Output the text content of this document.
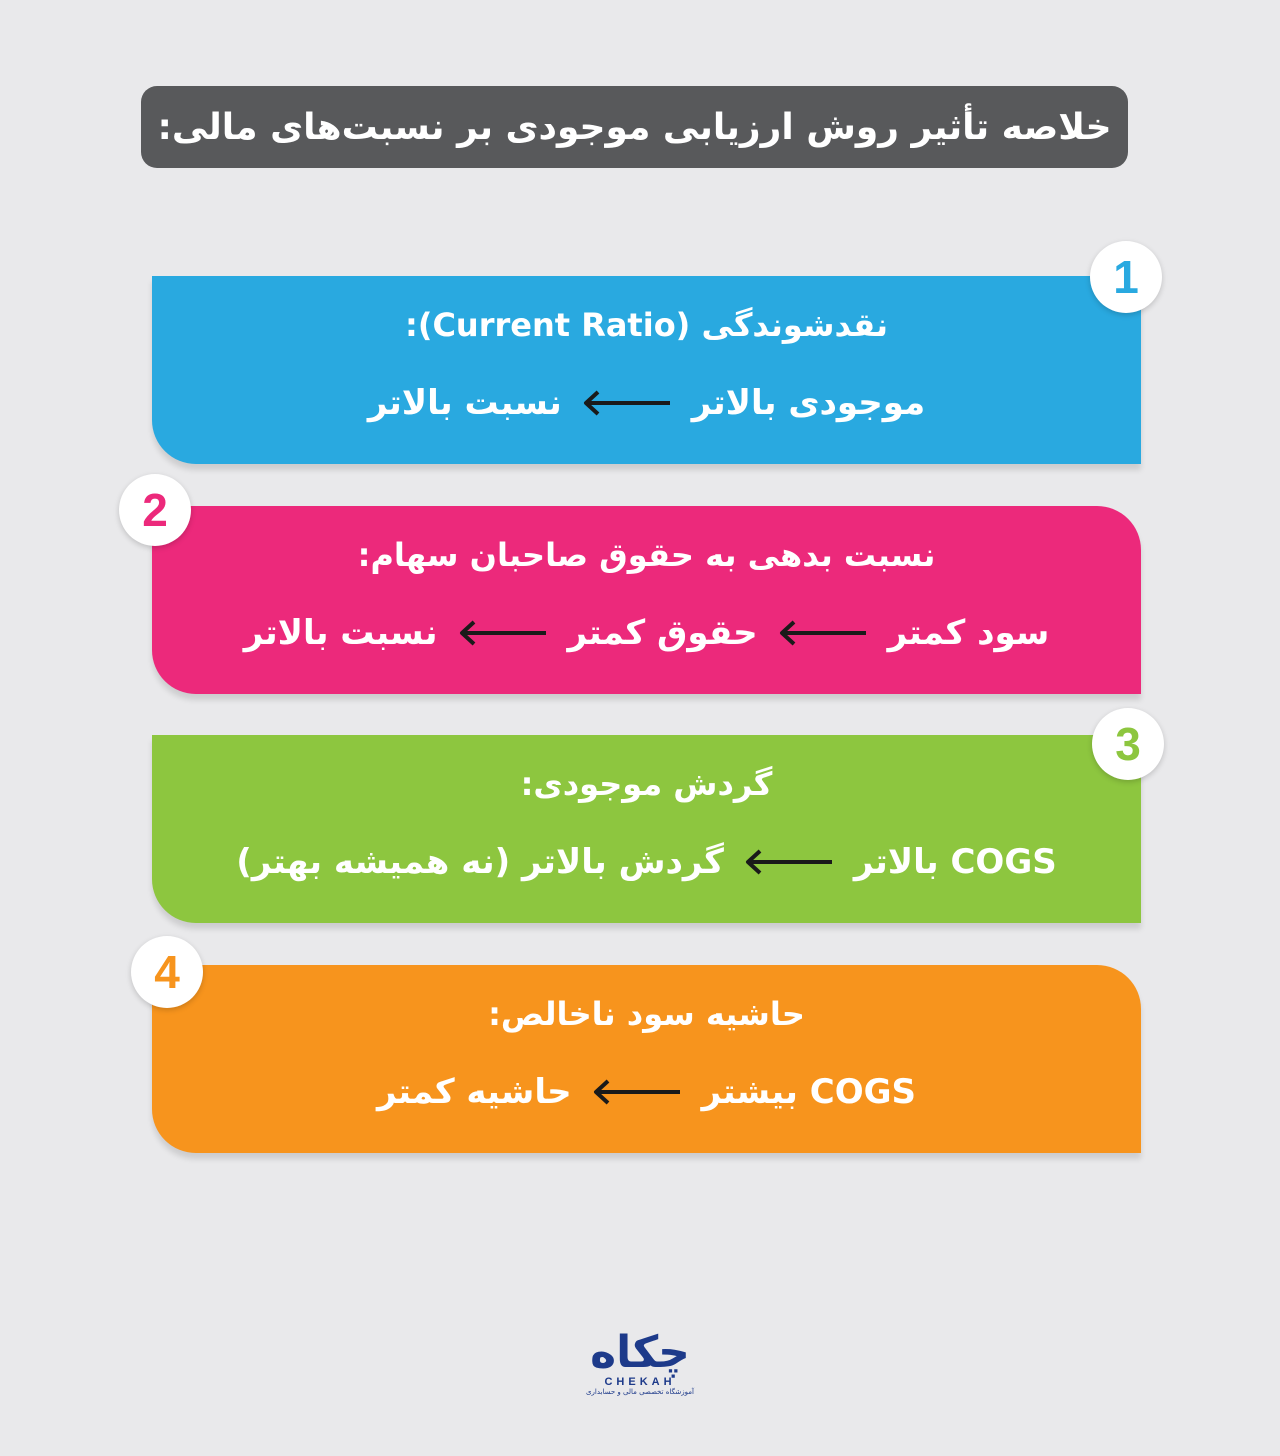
خلاصه تأثیر روش ارزیابی موجودی بر نسبت‌های مالی:
نقدشوندگی (Current Ratio):
موجودی بالاتر
نسبت بالاتر
1
نسبت بدهی به حقوق صاحبان سهام:
سود کمتر
حقوق کمتر
نسبت بالاتر
2
گردش موجودی:
COGS بالاتر
گردش بالاتر (نه همیشه بهتر)
3
حاشیه سود ناخالص:
COGS بیشتر
حاشیه کمتر
4
چکاه
CHEKAH
آموزشگاه تخصصی مالی و حسابداری
